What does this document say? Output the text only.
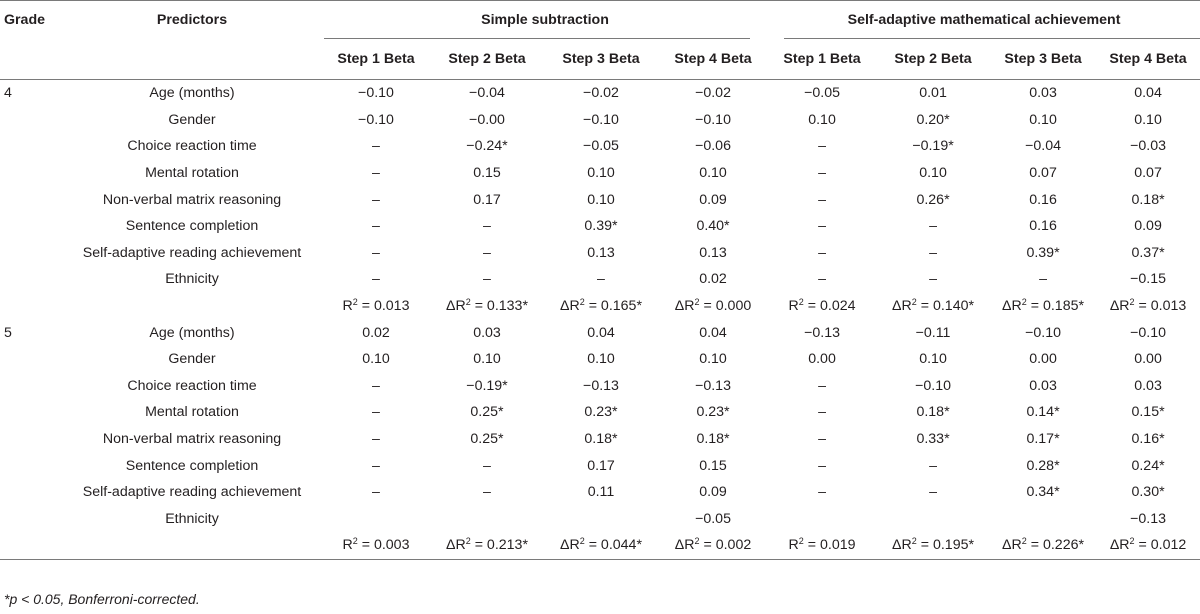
Grade	Predictors	Simple subtraction				Self-adaptive mathematical achievement			

		Step 1 Beta	Step 2 Beta	Step 3 Beta	Step 4 Beta	Step 1 Beta	Step 2 Beta	Step 3 Beta	Step 4 Beta
4	Age (months)	−0.10	−0.04	−0.02	−0.02	−0.05	0.01	0.03	0.04
	Gender	−0.10	−0.00	−0.10	−0.10	0.10	0.20*	0.10	0.10
	Choice reaction time	–	−0.24*	−0.05	−0.06	–	−0.19*	−0.04	−0.03
	Mental rotation	–	0.15	0.10	0.10	–	0.10	0.07	0.07
	Non-verbal matrix reasoning	–	0.17	0.10	0.09	–	0.26*	0.16	0.18*
	Sentence completion	–	–	0.39*	0.40*	–	–	0.16	0.09
	Self-adaptive reading achievement	–	–	0.13	0.13	–	–	0.39*	0.37*
	Ethnicity	–	–	–	0.02	–	–	–	−0.15
		$R^2 = 0.013$	$\Delta R^2 = 0.133*$	$\Delta R^2 = 0.165*$	$\Delta R^2 = 0.000$	$R^2 = 0.024$	$\Delta R^2 = 0.140*$	$\Delta R^2 = 0.185*$	$\Delta R^2 = 0.013$
5	Age (months)	0.02	0.03	0.04	0.04	−0.13	−0.11	−0.10	−0.10
	Gender	0.10	0.10	0.10	0.10	0.00	0.10	0.00	0.00
	Choice reaction time	–	−0.19*	−0.13	−0.13	–	−0.10	0.03	0.03
	Mental rotation	–	0.25*	0.23*	0.23*	–	0.18*	0.14*	0.15*
	Non-verbal matrix reasoning	–	0.25*	0.18*	0.18*	–	0.33*	0.17*	0.16*
	Sentence completion	–	–	0.17	0.15	–	–	0.28*	0.24*
	Self-adaptive reading achievement	–	–	0.11	0.09	–	–	0.34*	0.30*
	Ethnicity				−0.05				−0.13
		$R^2 = 0.003$	$\Delta R^2 = 0.213*$	$\Delta R^2 = 0.044*$	$\Delta R^2 = 0.002$	$R^2 = 0.019$	$\Delta R^2 = 0.195*$	$\Delta R^2 = 0.226*$	$\Delta R^2 = 0.012$
*p < 0.05, Bonferroni-corrected.
